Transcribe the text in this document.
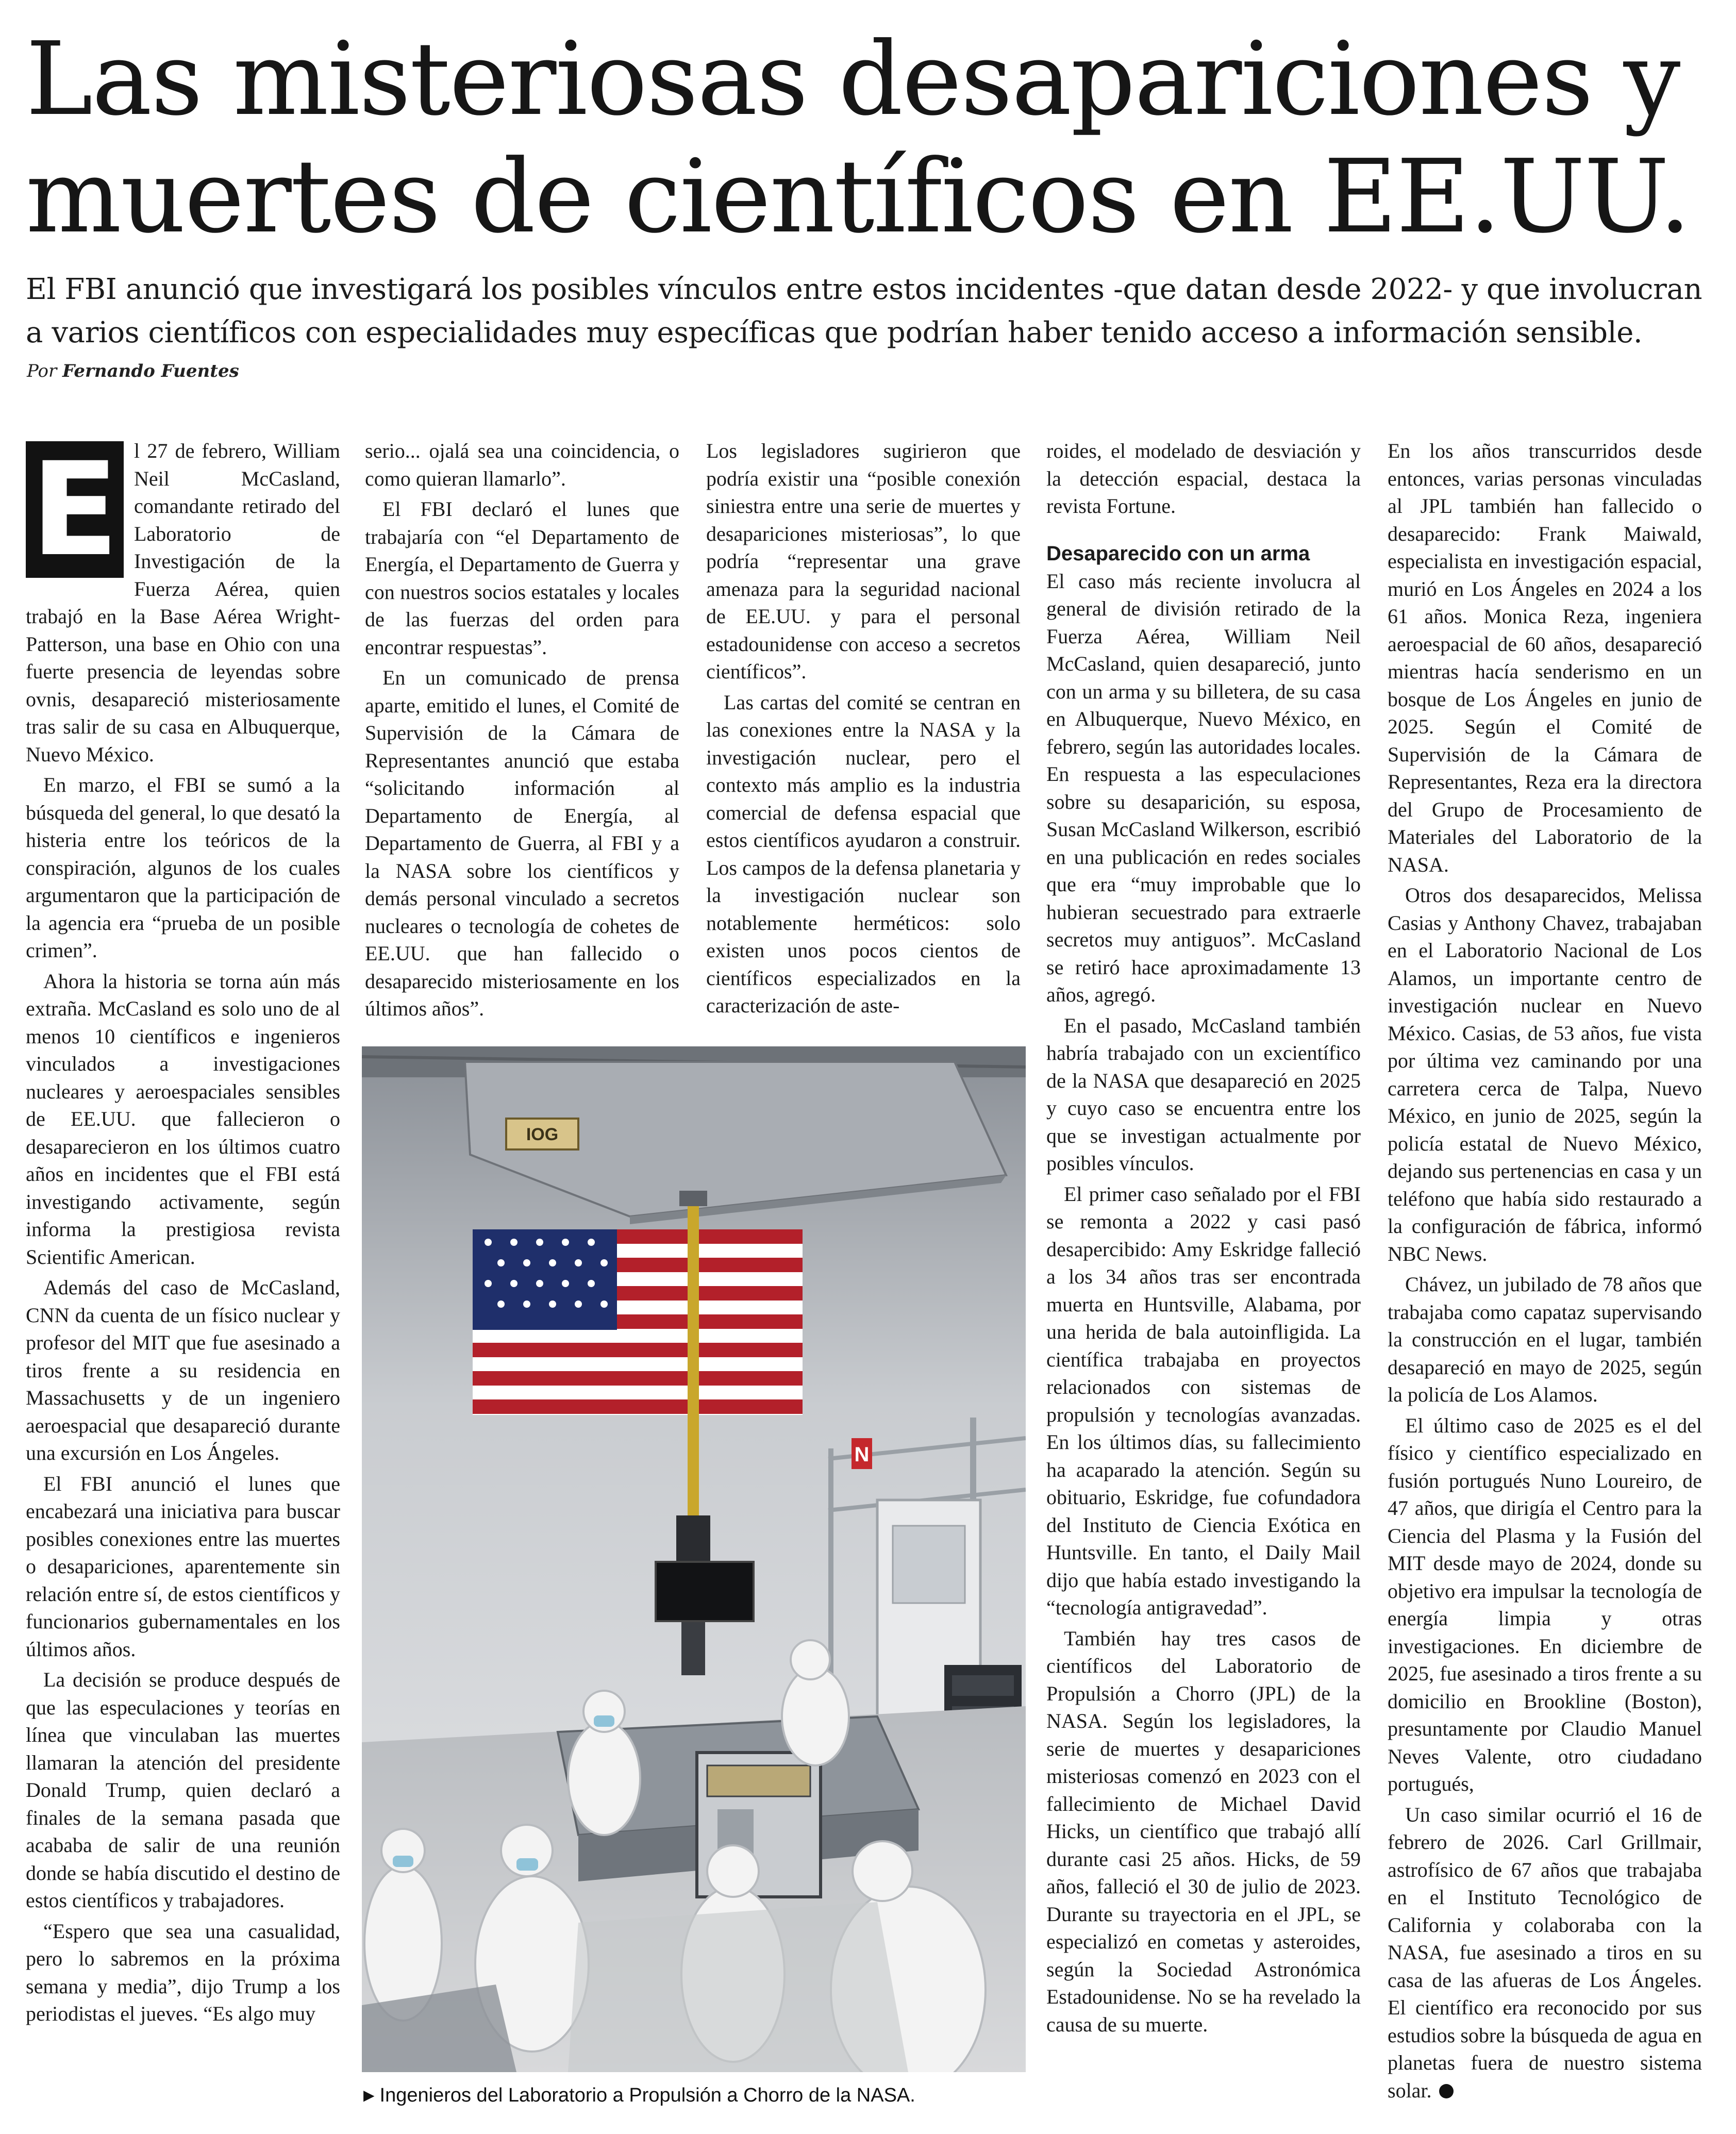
Las misteriosas desapariciones y
muertes de científicos en EE.UU.
El FBI anunció que investigará los posibles vínculos entre estos incidentes -que datan desde 2022- y que involucran
a varios científicos con especialidades muy específicas que podrían haber tenido acceso a información sensible.
Por Fernando Fuentes
E l 27 de febrero, William Neil McCasland, comandante retirado del Laboratorio de Investigación de la Fuerza Aérea, quien trabajó en la Base Aérea Wright-Patterson, una base en Ohio con una fuerte presencia de leyendas sobre ovnis, desapareció misteriosamente tras salir de su casa en Albuquerque, Nuevo México.

En marzo, el FBI se sumó a la búsqueda del general, lo que desató la histeria entre los teóricos de la conspiración, algunos de los cuales argumentaron que la participación de la agencia era “prueba de un posible crimen”.

Ahora la historia se torna aún más extraña. McCasland es solo uno de al menos 10 científicos e ingenieros vinculados a investigaciones nucleares y aeroespaciales sensibles de EE.UU. que fallecieron o desaparecieron en los últimos cuatro años en incidentes que el FBI está investigando activamente, según informa la prestigiosa revista Scientific American.

Además del caso de McCasland, CNN da cuenta de un físico nuclear y profesor del MIT que fue asesinado a tiros frente a su residencia en Massachusetts y de un ingeniero aeroespacial que desapareció durante una excursión en Los Ángeles.

El FBI anunció el lunes que encabezará una iniciativa para buscar posibles conexiones entre las muertes o desapariciones, aparentemente sin relación entre sí, de estos científicos y funcionarios gubernamentales en los últimos años.

La decisión se produce después de que las especulaciones y teorías en línea que vinculaban las muertes llamaran la atención del presidente Donald Trump, quien declaró a finales de la semana pasada que acababa de salir de una reunión donde se había discutido el destino de estos científicos y trabajadores.

“Espero que sea una casualidad, pero lo sabremos en la próxima semana y media”, dijo Trump a los periodistas el jueves. “Es algo muy

serio... ojalá sea una coincidencia, o como quieran llamarlo”.

El FBI declaró el lunes que trabajaría con “el Departamento de Energía, el Departamento de Guerra y con nuestros socios estatales y locales de las fuerzas del orden para encontrar respuestas”.

En un comunicado de prensa aparte, emitido el lunes, el Comité de Supervisión de la Cámara de Representantes anunció que estaba “solicitando información al Departamento de Energía, al Departamento de Guerra, al FBI y a la NASA sobre los científicos y demás personal vinculado a secretos nucleares o tecnología de cohetes de EE.UU. que han fallecido o desaparecido misteriosamente en los últimos años”.

Los legisladores sugirieron que podría existir una “posible conexión siniestra entre una serie de muertes y desapariciones misteriosas”, lo que podría “representar una grave amenaza para la seguridad nacional de EE.UU. y para el personal estadounidense con acceso a secretos científicos”.

Las cartas del comité se centran en las conexiones entre la NASA y la investigación nuclear, pero el contexto más amplio es la industria comercial de defensa espacial que estos científicos ayudaron a construir. Los campos de la defensa planetaria y la investigación nuclear son notablemente herméticos: solo existen unos pocos cientos de científicos especializados en la caracterización de aste-

roides, el modelado de desviación y la detección espacial, destaca la revista Fortune.

Desaparecido con un arma

El caso más reciente involucra al general de división retirado de la Fuerza Aérea, William Neil McCasland, quien desapareció, junto con un arma y su billetera, de su casa en Albuquerque, Nuevo México, en febrero, según las autoridades locales. En respuesta a las especulaciones sobre su desaparición, su esposa, Susan McCasland Wilkerson, escribió en una publicación en redes sociales que era “muy improbable que lo hubieran secuestrado para extraerle secretos muy antiguos”. McCasland se retiró hace aproximadamente 13 años, agregó.

En el pasado, McCasland también habría trabajado con un excientífico de la NASA que desapareció en 2025 y cuyo caso se encuentra entre los que se investigan actualmente por posibles vínculos.

El primer caso señalado por el FBI se remonta a 2022 y casi pasó desapercibido: Amy Eskridge falleció a los 34 años tras ser encontrada muerta en Huntsville, Alabama, por una herida de bala autoinfligida. La científica trabajaba en proyectos relacionados con sistemas de propulsión y tecnologías avanzadas. En los últimos días, su fallecimiento ha acaparado la atención. Según su obituario, Eskridge, fue cofundadora del Instituto de Ciencia Exótica en Huntsville. En tanto, el Daily Mail dijo que había estado investigando la “tecnología antigravedad”.

También hay tres casos de científicos del Laboratorio de Propulsión a Chorro (JPL) de la NASA. Según los legisladores, la serie de muertes y desapariciones misteriosas comenzó en 2023 con el fallecimiento de Michael David Hicks, un científico que trabajó allí durante casi 25 años. Hicks, de 59 años, falleció el 30 de julio de 2023. Durante su trayectoria en el JPL, se especializó en cometas y asteroides, según la Sociedad Astronómica Estadounidense. No se ha revelado la causa de su muerte.

En los años transcurridos desde entonces, varias personas vinculadas al JPL también han fallecido o desaparecido: Frank Maiwald, especialista en investigación espacial, murió en Los Ángeles en 2024 a los 61 años. Monica Reza, ingeniera aeroespacial de 60 años, desapareció mientras hacía senderismo en un bosque de Los Ángeles en junio de 2025. Según el Comité de Supervisión de la Cámara de Representantes, Reza era la directora del Grupo de Procesamiento de Materiales del Laboratorio de la NASA.

Otros dos desaparecidos, Melissa Casias y Anthony Chavez, trabajaban en el Laboratorio Nacional de Los Alamos, un importante centro de investigación nuclear en Nuevo México. Casias, de 53 años, fue vista por última vez caminando por una carretera cerca de Talpa, Nuevo México, en junio de 2025, según la policía estatal de Nuevo México, dejando sus pertenencias en casa y un teléfono que había sido restaurado a la configuración de fábrica, informó NBC News.

Chávez, un jubilado de 78 años que trabajaba como capataz supervisando la construcción en el lugar, también desapareció en mayo de 2025, según la policía de Los Alamos.

El último caso de 2025 es el del físico y científico especializado en fusión portugués Nuno Loureiro, de 47 años, que dirigía el Centro para la Ciencia del Plasma y la Fusión del MIT desde mayo de 2024, donde su objetivo era impulsar la tecnología de energía limpia y otras investigaciones. En diciembre de 2025, fue asesinado a tiros frente a su domicilio en Brookline (Boston), presuntamente por Claudio Manuel Neves Valente, otro ciudadano portugués,

Un caso similar ocurrió el 16 de febrero de 2026. Carl Grillmair, astrofísico de 67 años que trabajaba en el Instituto Tecnológico de California y colaboraba con la NASA, fue asesinado a tiros en su casa de las afueras de Los Ángeles. El científico era reconocido por sus estudios sobre la búsqueda de agua en planetas fuera de nuestro sistema solar.

IOG
N
▶ Ingenieros del Laboratorio a Propulsión a Chorro de la NASA.
